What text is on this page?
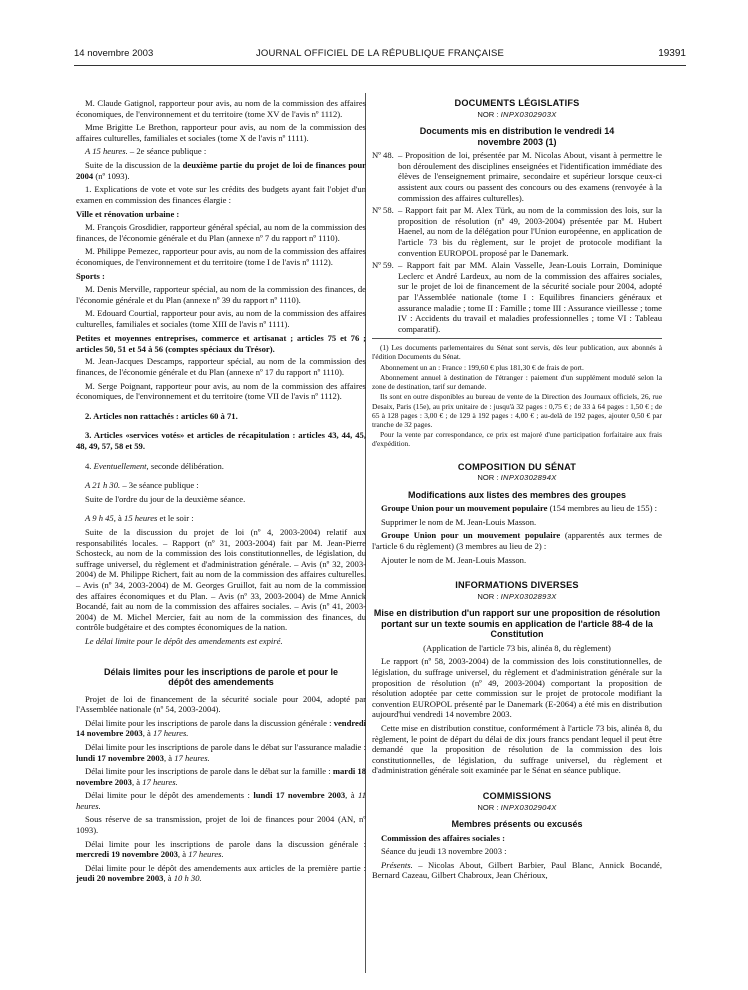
14 novembre 2003	JOURNAL OFFICIEL DE LA RÉPUBLIQUE FRANÇAISE	19391

M. Claude Gatignol, rapporteur pour avis, au nom de la commission des affaires économiques, de l'environnement et du territoire (tome XV de l'avis nº 1112).

Mme Brigitte Le Brethon, rapporteur pour avis, au nom de la commission des affaires culturelles, familiales et sociales (tome X de l'avis nº 1111).

A 15 heures. – 2e séance publique :

Suite de la discussion de la deuxième partie du projet de loi de finances pour 2004 (nº 1093).

1. Explications de vote et vote sur les crédits des budgets ayant fait l'objet d'un examen en commission des finances élargie :

Ville et rénovation urbaine :

M. François Grosdidier, rapporteur général spécial, au nom de la commission des finances, de l'économie générale et du Plan (annexe nº 7 du rapport nº 1110).

M. Philippe Pemezec, rapporteur pour avis, au nom de la commission des affaires économiques, de l'environnement et du territoire (tome I de l'avis nº 1112).

Sports :

M. Denis Merville, rapporteur spécial, au nom de la commission des finances, de l'économie générale et du Plan (annexe nº 39 du rapport nº 1110).

M. Edouard Courtial, rapporteur pour avis, au nom de la commission des affaires culturelles, familiales et sociales (tome XIII de l'avis nº 1111).

Petites et moyennes entreprises, commerce et artisanat ; articles 75 et 76 ; articles 50, 51 et 54 à 56 (comptes spéciaux du Trésor).

M. Jean-Jacques Descamps, rapporteur spécial, au nom de la commission des finances, de l'économie générale et du Plan (annexe nº 17 du rapport nº 1110).

M. Serge Poignant, rapporteur pour avis, au nom de la commission des affaires économiques, de l'environnement et du territoire (tome VII de l'avis nº 1112).

2. Articles non rattachés : articles 60 à 71.

3. Articles «services votés» et articles de récapitulation : articles 43, 44, 45, 48, 49, 57, 58 et 59.

4. Eventuellement, seconde délibération.

A 21 h 30. – 3e séance publique :

Suite de l'ordre du jour de la deuxième séance.

A 9 h 45, à 15 heures et le soir :

Suite de la discussion du projet de loi (nº 4, 2003-2004) relatif aux responsabilités locales. – Rapport (nº 31, 2003-2004) fait par M. Jean-Pierre Schosteck, au nom de la commission des lois constitutionnelles, de législation, du suffrage universel, du règlement et d'administration générale. – Avis (nº 32, 2003-2004) de M. Philippe Richert, fait au nom de la commission des affaires culturelles. – Avis (nº 34, 2003-2004) de M. Georges Gruillot, fait au nom de la commission des affaires économiques et du Plan. – Avis (nº 33, 2003-2004) de Mme Annick Bocandé, fait au nom de la commission des affaires sociales. – Avis (nº 41, 2003-2004) de M. Michel Mercier, fait au nom de la commission des finances, du contrôle budgétaire et des comptes économiques de la nation.

Le délai limite pour le dépôt des amendements est expiré.

Délais limites pour les inscriptions de parole et pour le dépôt des amendements

Projet de loi de financement de la sécurité sociale pour 2004, adopté par l'Assemblée nationale (nº 54, 2003-2004).

Délai limite pour les inscriptions de parole dans la discussion générale : vendredi 14 novembre 2003, à 17 heures.

Délai limite pour les inscriptions de parole dans le débat sur l'assurance maladie : lundi 17 novembre 2003, à 17 heures.

Délai limite pour les inscriptions de parole dans le débat sur la famille : mardi 18 novembre 2003, à 17 heures.

Délai limite pour le dépôt des amendements : lundi 17 novembre 2003, à 11 heures.

Sous réserve de sa transmission, projet de loi de finances pour 2004 (AN, nº 1093).

Délai limite pour les inscriptions de parole dans la discussion générale : mercredi 19 novembre 2003, à 17 heures.

Délai limite pour le dépôt des amendements aux articles de la première partie : jeudi 20 novembre 2003, à 10 h 30.

DOCUMENTS LÉGISLATIFS
NOR : INPX0302903X
Documents mis en distribution le vendredi 14 novembre 2003 (1)
Nº 48. – Proposition de loi, présentée par M. Nicolas About, visant à permettre le bon déroulement des disciplines enseignées et l'identification immédiate des élèves de l'enseignement primaire, secondaire et supérieur lorsque ceux-ci assistent aux cours ou passent des concours ou des examens (renvoyée à la commission des affaires culturelles).
Nº 58. – Rapport fait par M. Alex Türk, au nom de la commission des lois, sur la proposition de résolution (nº 49, 2003-2004) présentée par M. Hubert Haenel, au nom de la délégation pour l'Union européenne, en application de l'article 73 bis du règlement, sur le projet de protocole modifiant la convention EUROPOL proposé par le Danemark.
Nº 59. – Rapport fait par MM. Alain Vasselle, Jean-Louis Lorrain, Dominique Leclerc et André Lardeux, au nom de la commission des affaires sociales, sur le projet de loi de financement de la sécurité sociale pour 2004, adopté par l'Assemblée nationale (tome I : Equilibres financiers généraux et assurance maladie ; tome II : Famille ; tome III : Assurance vieillesse ; tome IV : Accidents du travail et maladies professionnelles ; tome VI : Tableau comparatif).

(1) Les documents parlementaires du Sénat sont servis, dès leur publication, aux abonnés à l'édition Documents du Sénat.

Abonnement un an : France : 199,60 € plus 181,30 € de frais de port.

Abonnement annuel à destination de l'étranger : paiement d'un supplément modulé selon la zone de destination, tarif sur demande.

Ils sont en outre disponibles au bureau de vente de la Direction des Journaux officiels, 26, rue Desaix, Paris (15e), au prix unitaire de : jusqu'à 32 pages : 0,75 € ; de 33 à 64 pages : 1,50 € ; de 65 à 128 pages : 3,00 € ; de 129 à 192 pages : 4,00 € ; au-delà de 192 pages, ajouter 0,50 € par tranche de 32 pages.

Pour la vente par correspondance, ce prix est majoré d'une participation forfaitaire aux frais d'expédition.

COMPOSITION DU SÉNAT
NOR : INPX0302894X
Modifications aux listes des membres des groupes

Groupe Union pour un mouvement populaire (154 membres au lieu de 155) :

Supprimer le nom de M. Jean-Louis Masson.

Groupe Union pour un mouvement populaire (apparentés aux termes de l'article 6 du règlement) (3 membres au lieu de 2) :

Ajouter le nom de M. Jean-Louis Masson.

INFORMATIONS DIVERSES
NOR : INPX0302893X
Mise en distribution d'un rapport sur une proposition de résolution portant sur un texte soumis en application de l'article 88-4 de la Constitution

(Application de l'article 73 bis, alinéa 8, du règlement)

Le rapport (nº 58, 2003-2004) de la commission des lois constitutionnelles, de législation, du suffrage universel, du règlement et d'administration générale sur la proposition de résolution (nº 49, 2003-2004) comportant la proposition de résolution adoptée par cette commission sur le projet de protocole modifiant la convention EUROPOL présenté par le Danemark (E-2064) a été mis en distribution aujourd'hui vendredi 14 novembre 2003.

Cette mise en distribution constitue, conformément à l'article 73 bis, alinéa 8, du règlement, le point de départ du délai de dix jours francs pendant lequel il peut être demandé que la proposition de résolution de la commission des lois constitutionnelles, de législation, du suffrage universel, du règlement et d'administration générale soit examinée par le Sénat en séance publique.

COMMISSIONS
NOR : INPX0302904X
Membres présents ou excusés

Commission des affaires sociales :

Séance du jeudi 13 novembre 2003 :

Présents. – Nicolas About, Gilbert Barbier, Paul Blanc, Annick Bocandé, Bernard Cazeau, Gilbert Chabroux, Jean Chérioux,
